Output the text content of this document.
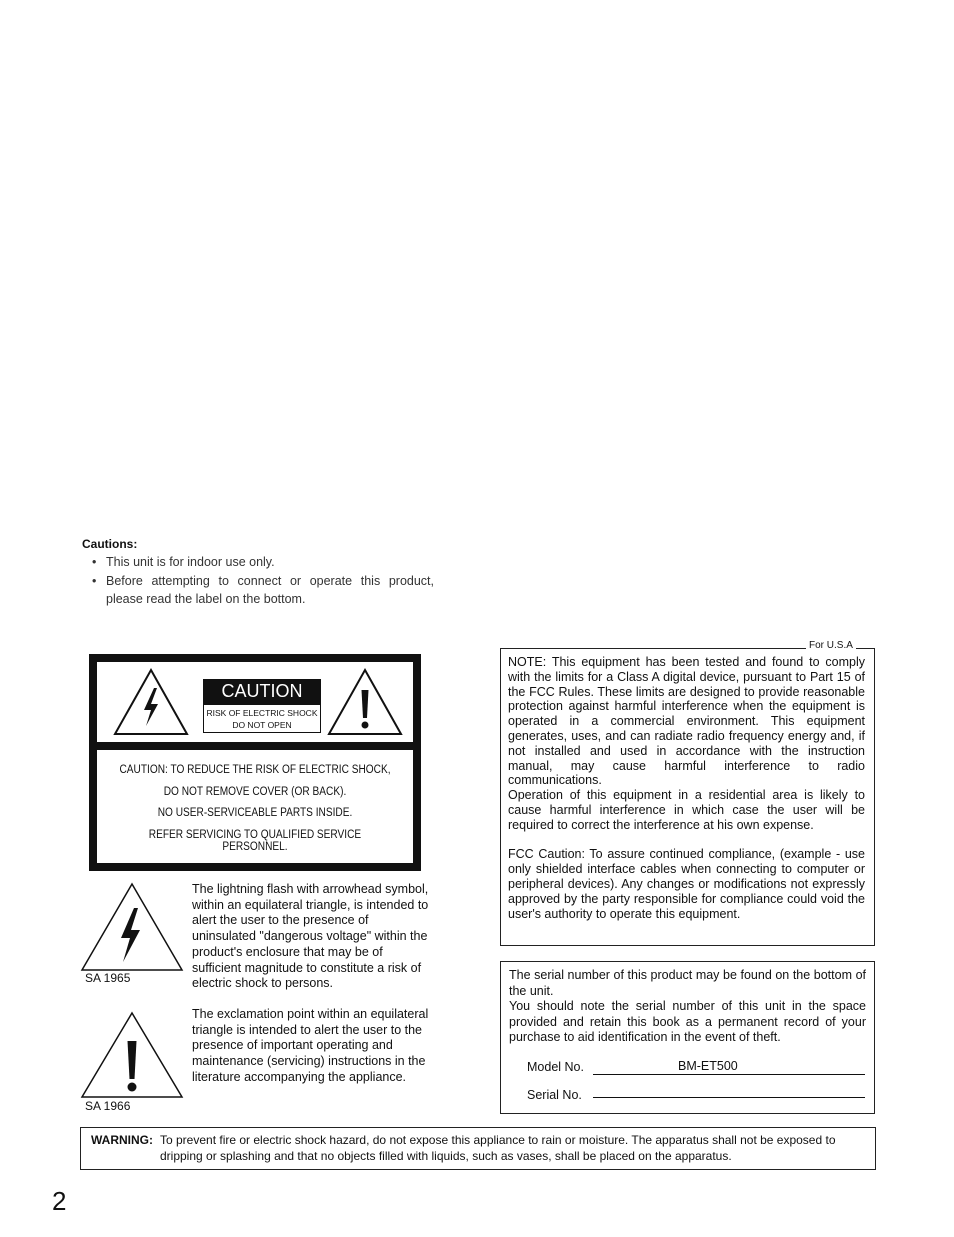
Cautions:
• This unit is for indoor use only.
• Before attempting to connect or operate this product, please read the label on the bottom.
CAUTION
RISK OF ELECTRIC SHOCK
DO NOT OPEN
CAUTION: TO REDUCE THE RISK OF ELECTRIC SHOCK,
DO NOT REMOVE COVER (OR BACK).
NO USER-SERVICEABLE PARTS INSIDE.
REFER SERVICING TO QUALIFIED SERVICE PERSONNEL.
SA 1965
The lightning flash with arrowhead symbol, within an equilateral triangle, is intended to alert the user to the presence of uninsulated "dangerous voltage" within the product's enclosure that may be of sufficient magnitude to constitute a risk of electric shock to persons.
SA 1966
The exclamation point within an equilateral triangle is intended to alert the user to the presence of important operating and maintenance (servicing) instructions in the literature accompanying the appliance.
For U.S.A

NOTE: This equipment has been tested and found to comply with the limits for a Class A digital device, pursuant to Part 15 of the FCC Rules. These limits are designed to provide reasonable protection against harmful interference when the equipment is operated in a commercial environment. This equipment generates, uses, and can radiate radio frequency energy and, if not installed and used in accordance with the instruction manual, may cause harmful interference to radio communications.

Operation of this equipment in a residential area is likely to cause harmful interference in which case the user will be required to correct the interference at his own expense.

FCC Caution: To assure continued compliance, (example - use only shielded interface cables when connecting to computer or peripheral devices). Any changes or modifications not expressly approved by the party responsible for compliance could void the user's authority to operate this equipment.

The serial number of this product may be found on the bottom of the unit.

You should note the serial number of this unit in the space provided and retain this book as a permanent record of your purchase to aid identification in the event of theft.

Model No.	BM-ET500
Serial No.
WARNING: To prevent fire or electric shock hazard, do not expose this appliance to rain or moisture. The apparatus shall not be exposed to dripping or splashing and that no objects filled with liquids, such as vases, shall be placed on the apparatus.
2
